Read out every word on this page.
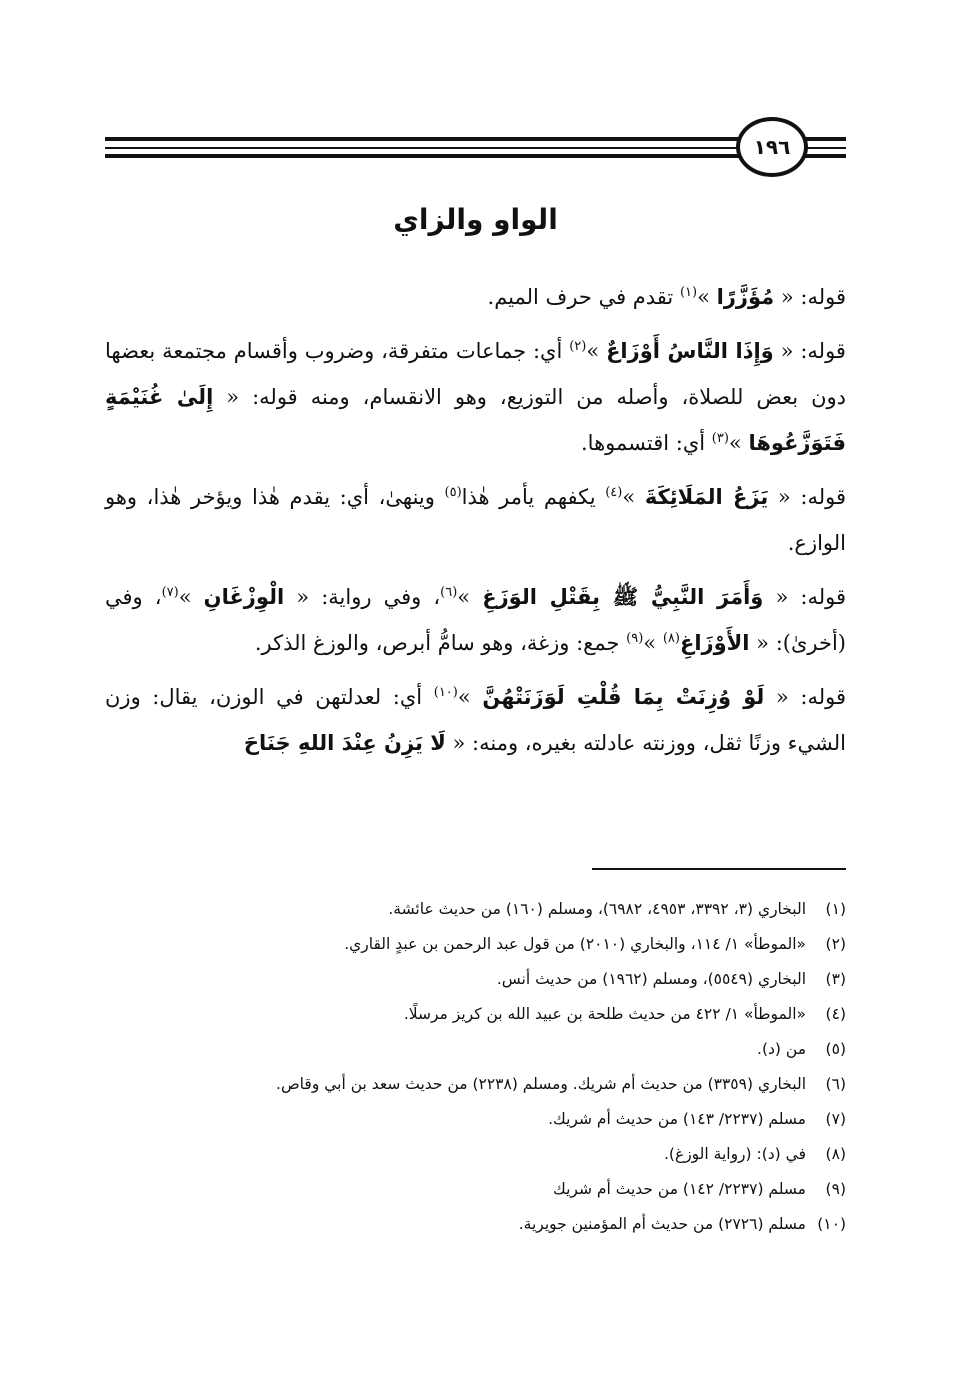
١٩٦
الواو والزاي

قوله: « مُؤَزَّرًا »$^{(١)}$ تقدم في حرف الميم.

قوله: « وَإِذَا النَّاسُ أَوْزَاعٌ »$^{(٢)}$ أي: جماعات متفرقة، وضروب وأقسام مجتمعة بعضها دون بعض للصلاة، وأصله من التوزيع، وهو الانقسام، ومنه قوله: « إِلَىٰ غُنَيْمَةٍ فَتَوَزَّعُوهَا »$^{(٣)}$ أي: اقتسموها.

قوله: « يَزَعُ المَلَائِكَةَ »$^{(٤)}$ يكفهم يأمر هٰذا$^{(٥)}$ وينهىٰ، أي: يقدم هٰذا ويؤخر هٰذا، وهو الوازع.

قوله: « وَأَمَرَ النَّبِيُّ ﷺ بِقَتْلِ الوَزَغِ »$^{(٦)}$، وفي رواية: « الْوِزْغَانِ »$^{(٧)}$، وفي (أخرىٰ): « الأَوْزَاغِ$^{(٨)}$ »$^{(٩)}$ جمع: وزغة، وهو سامُّ أبرص، والوزغ الذكر.

قوله: « لَوْ وُزِنَتْ بِمَا قُلْتِ لَوَزَنَتْهُنَّ »$^{(١٠)}$ أي: لعدلتهن في الوزن، يقال: وزن الشيء وزنًا ثقل، ووزنته عادلته بغيره، ومنه: « لَا يَزِنُ عِنْدَ اللهِ جَنَاحَ

(١)البخاري (٣، ٣٣٩٢، ٤٩٥٣، ٦٩٨٢)، ومسلم (١٦٠) من حديث عائشة.
(٢)«الموطأ» ١/ ١١٤، والبخاري (٢٠١٠) من قول عبد الرحمن بن عبدٍ القاري.
(٣)البخاري (٥٥٤٩)، ومسلم (١٩٦٢) من حديث أنس.
(٤)«الموطأ» ١/ ٤٢٢ من حديث طلحة بن عبيد الله بن كريز مرسلًا.
(٥)من (د).
(٦)البخاري (٣٣٥٩) من حديث أم شريك. ومسلم (٢٢٣٨) من حديث سعد بن أبي وقاص.
(٧)مسلم (٢٢٣٧/ ١٤٣) من حديث أم شريك.
(٨)في (د): (رواية الوزغ).
(٩)مسلم (٢٢٣٧/ ١٤٢) من حديث أم شريك
(١٠)مسلم (٢٧٢٦) من حديث أم المؤمنين جويرية.
